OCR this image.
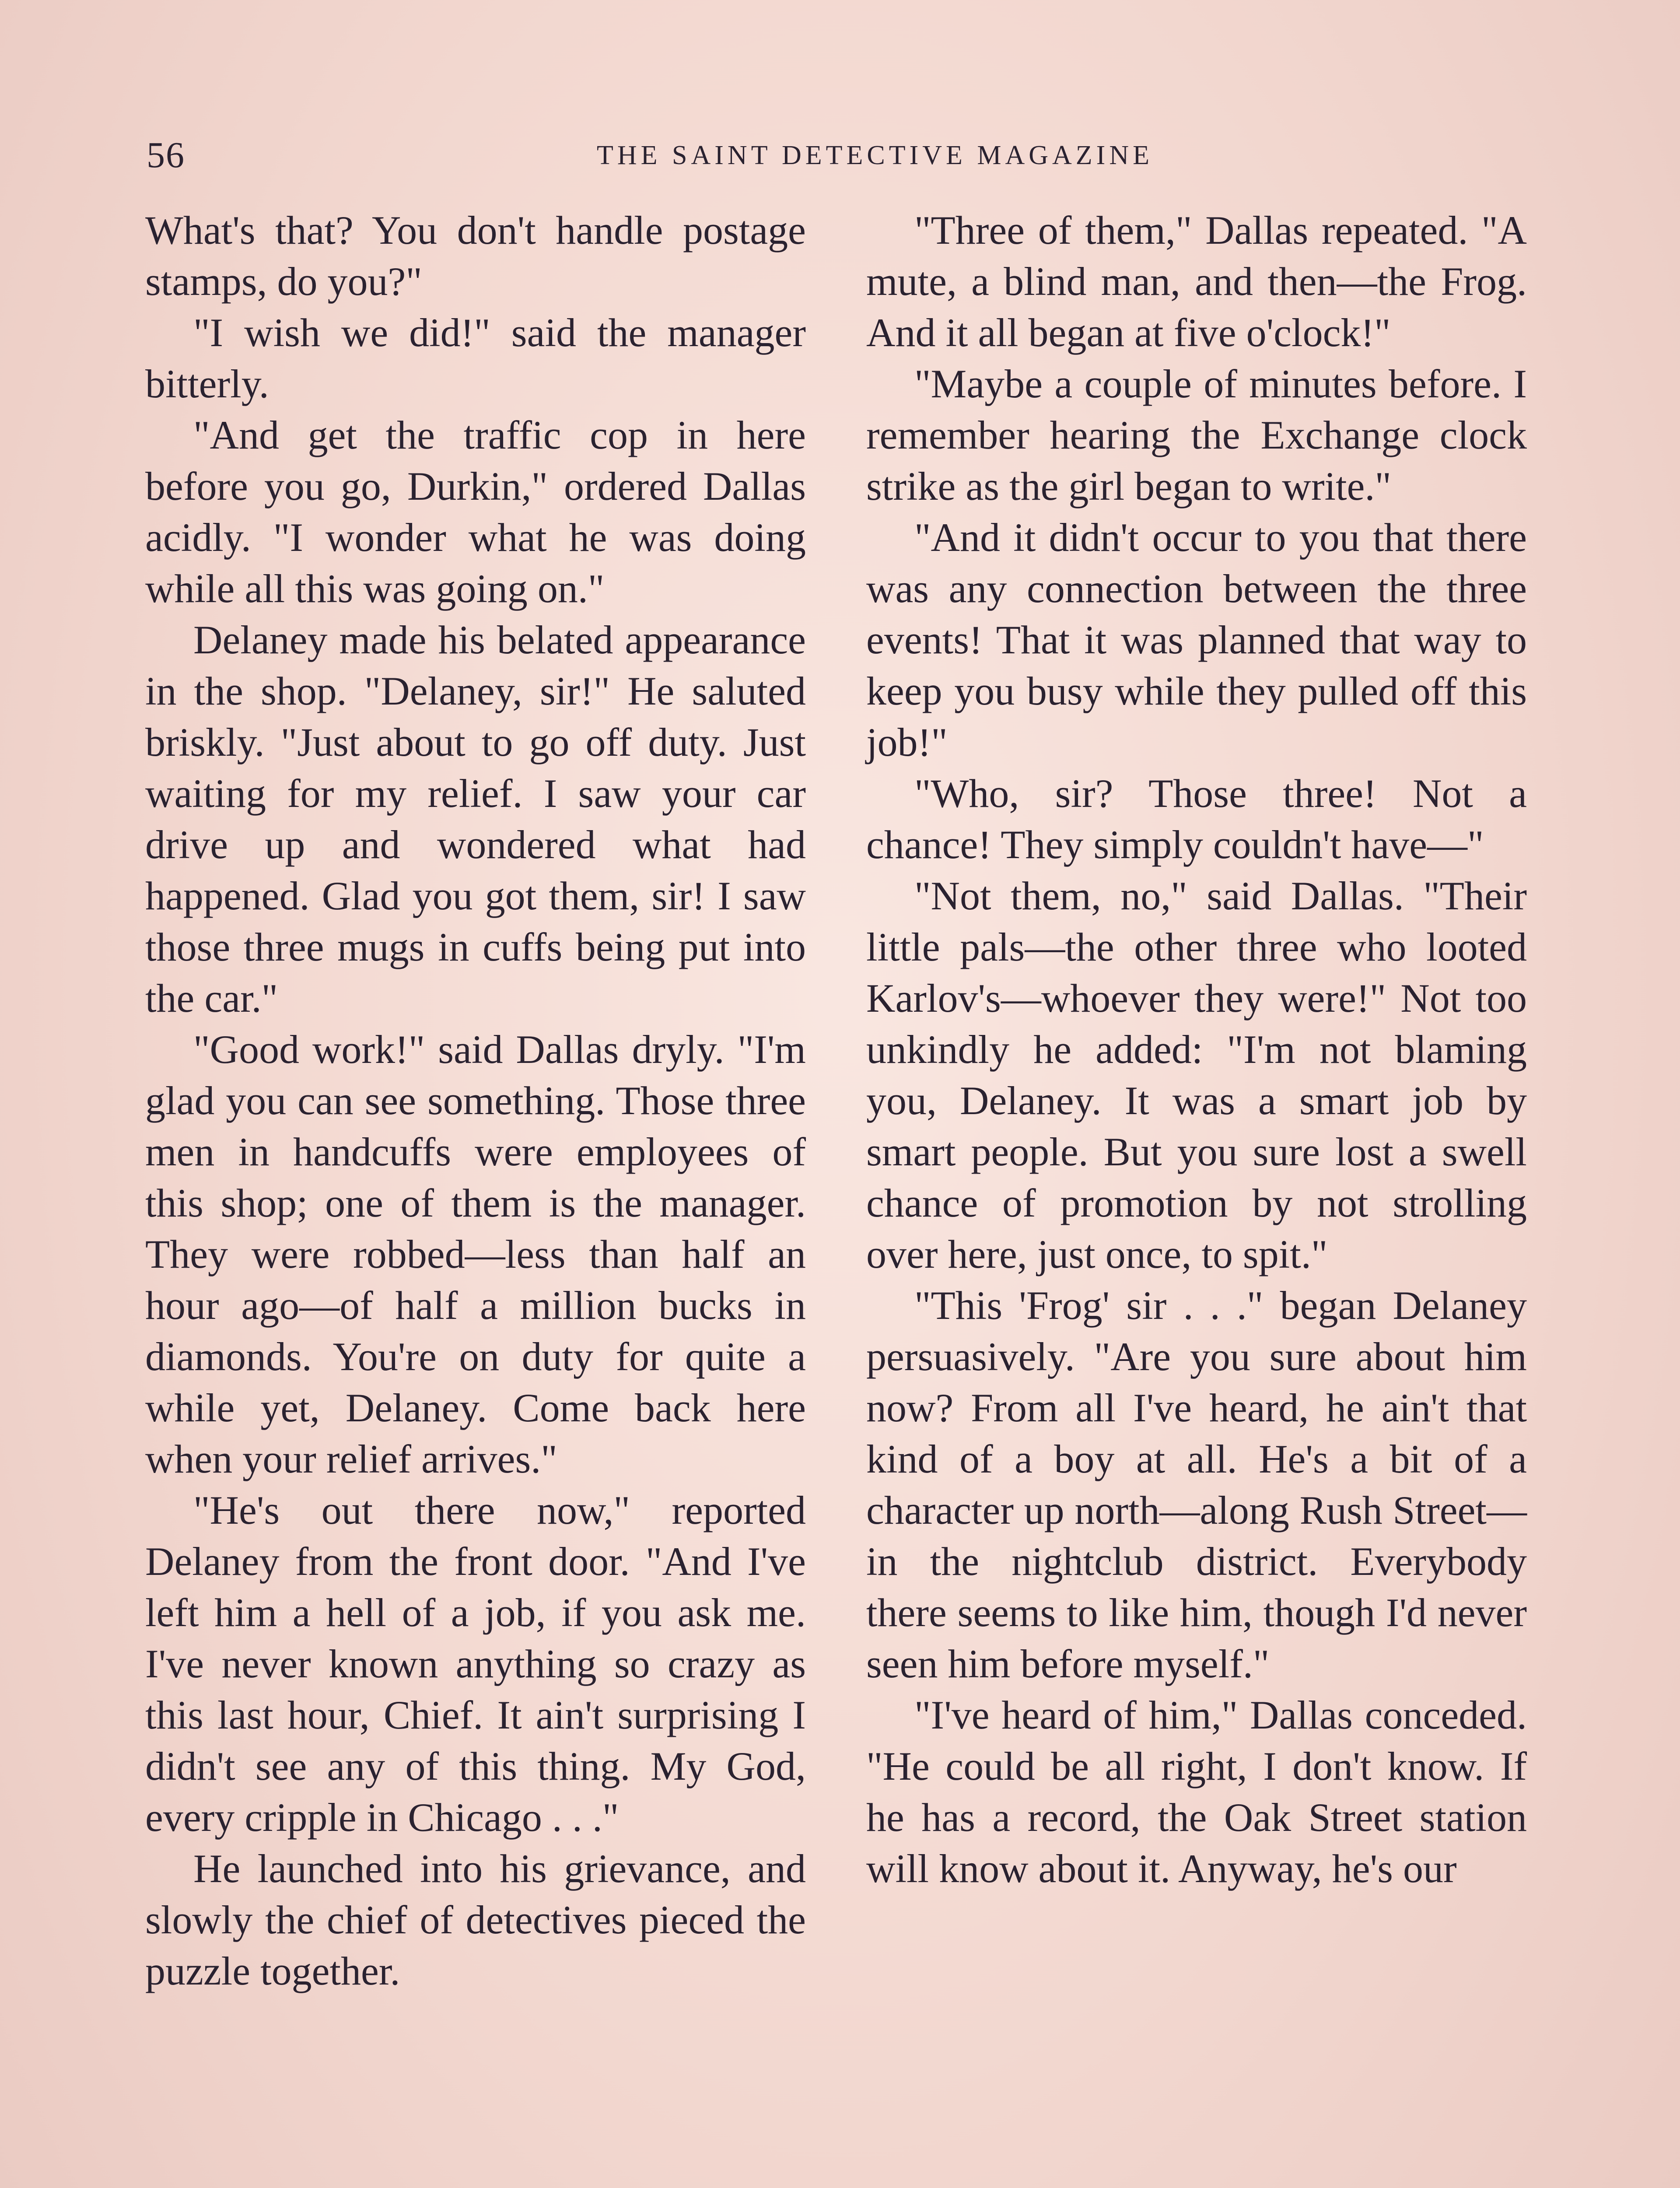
56	THE SAINT DETECTIVE MAGAZINE

What's that? You don't handle postage stamps, do you?"

"I wish we did!" said the manager bitterly.

"And get the traffic cop in here before you go, Durkin," ordered Dallas acidly. "I wonder what he was doing while all this was going on."

Delaney made his belated appearance in the shop. "Delaney, sir!" He saluted briskly. "Just about to go off duty. Just waiting for my relief. I saw your car drive up and wondered what had happened. Glad you got them, sir! I saw those three mugs in cuffs being put into the car."

"Good work!" said Dallas dryly. "I'm glad you can see something. Those three men in handcuffs were employees of this shop; one of them is the manager. They were robbed—less than half an hour ago—of half a million bucks in diamonds. You're on duty for quite a while yet, Delaney. Come back here when your relief arrives."

"He's out there now," reported Delaney from the front door. "And I've left him a hell of a job, if you ask me. I've never known anything so crazy as this last hour, Chief. It ain't surprising I didn't see any of this thing. My God, every cripple in Chicago . . ."

He launched into his grievance, and slowly the chief of detectives pieced the puzzle together.

"Three of them," Dallas repeated. "A mute, a blind man, and then—the Frog. And it all began at five o'clock!"

"Maybe a couple of minutes before. I remember hearing the Exchange clock strike as the girl began to write."

"And it didn't occur to you that there was any connection between the three events! That it was planned that way to keep you busy while they pulled off this job!"

"Who, sir? Those three! Not a chance! They simply couldn't have—"

"Not them, no," said Dallas. "Their little pals—the other three who looted Karlov's—whoever they were!" Not too unkindly he added: "I'm not blaming you, Delaney. It was a smart job by smart people. But you sure lost a swell chance of promotion by not strolling over here, just once, to spit."

"This 'Frog' sir . . ." began Delaney persuasively. "Are you sure about him now? From all I've heard, he ain't that kind of a boy at all. He's a bit of a character up north—along Rush Street—in the nightclub district. Everybody there seems to like him, though I'd never seen him before myself."

"I've heard of him," Dallas conceded. "He could be all right, I don't know. If he has a record, the Oak Street station will know about it. Anyway, he's our
